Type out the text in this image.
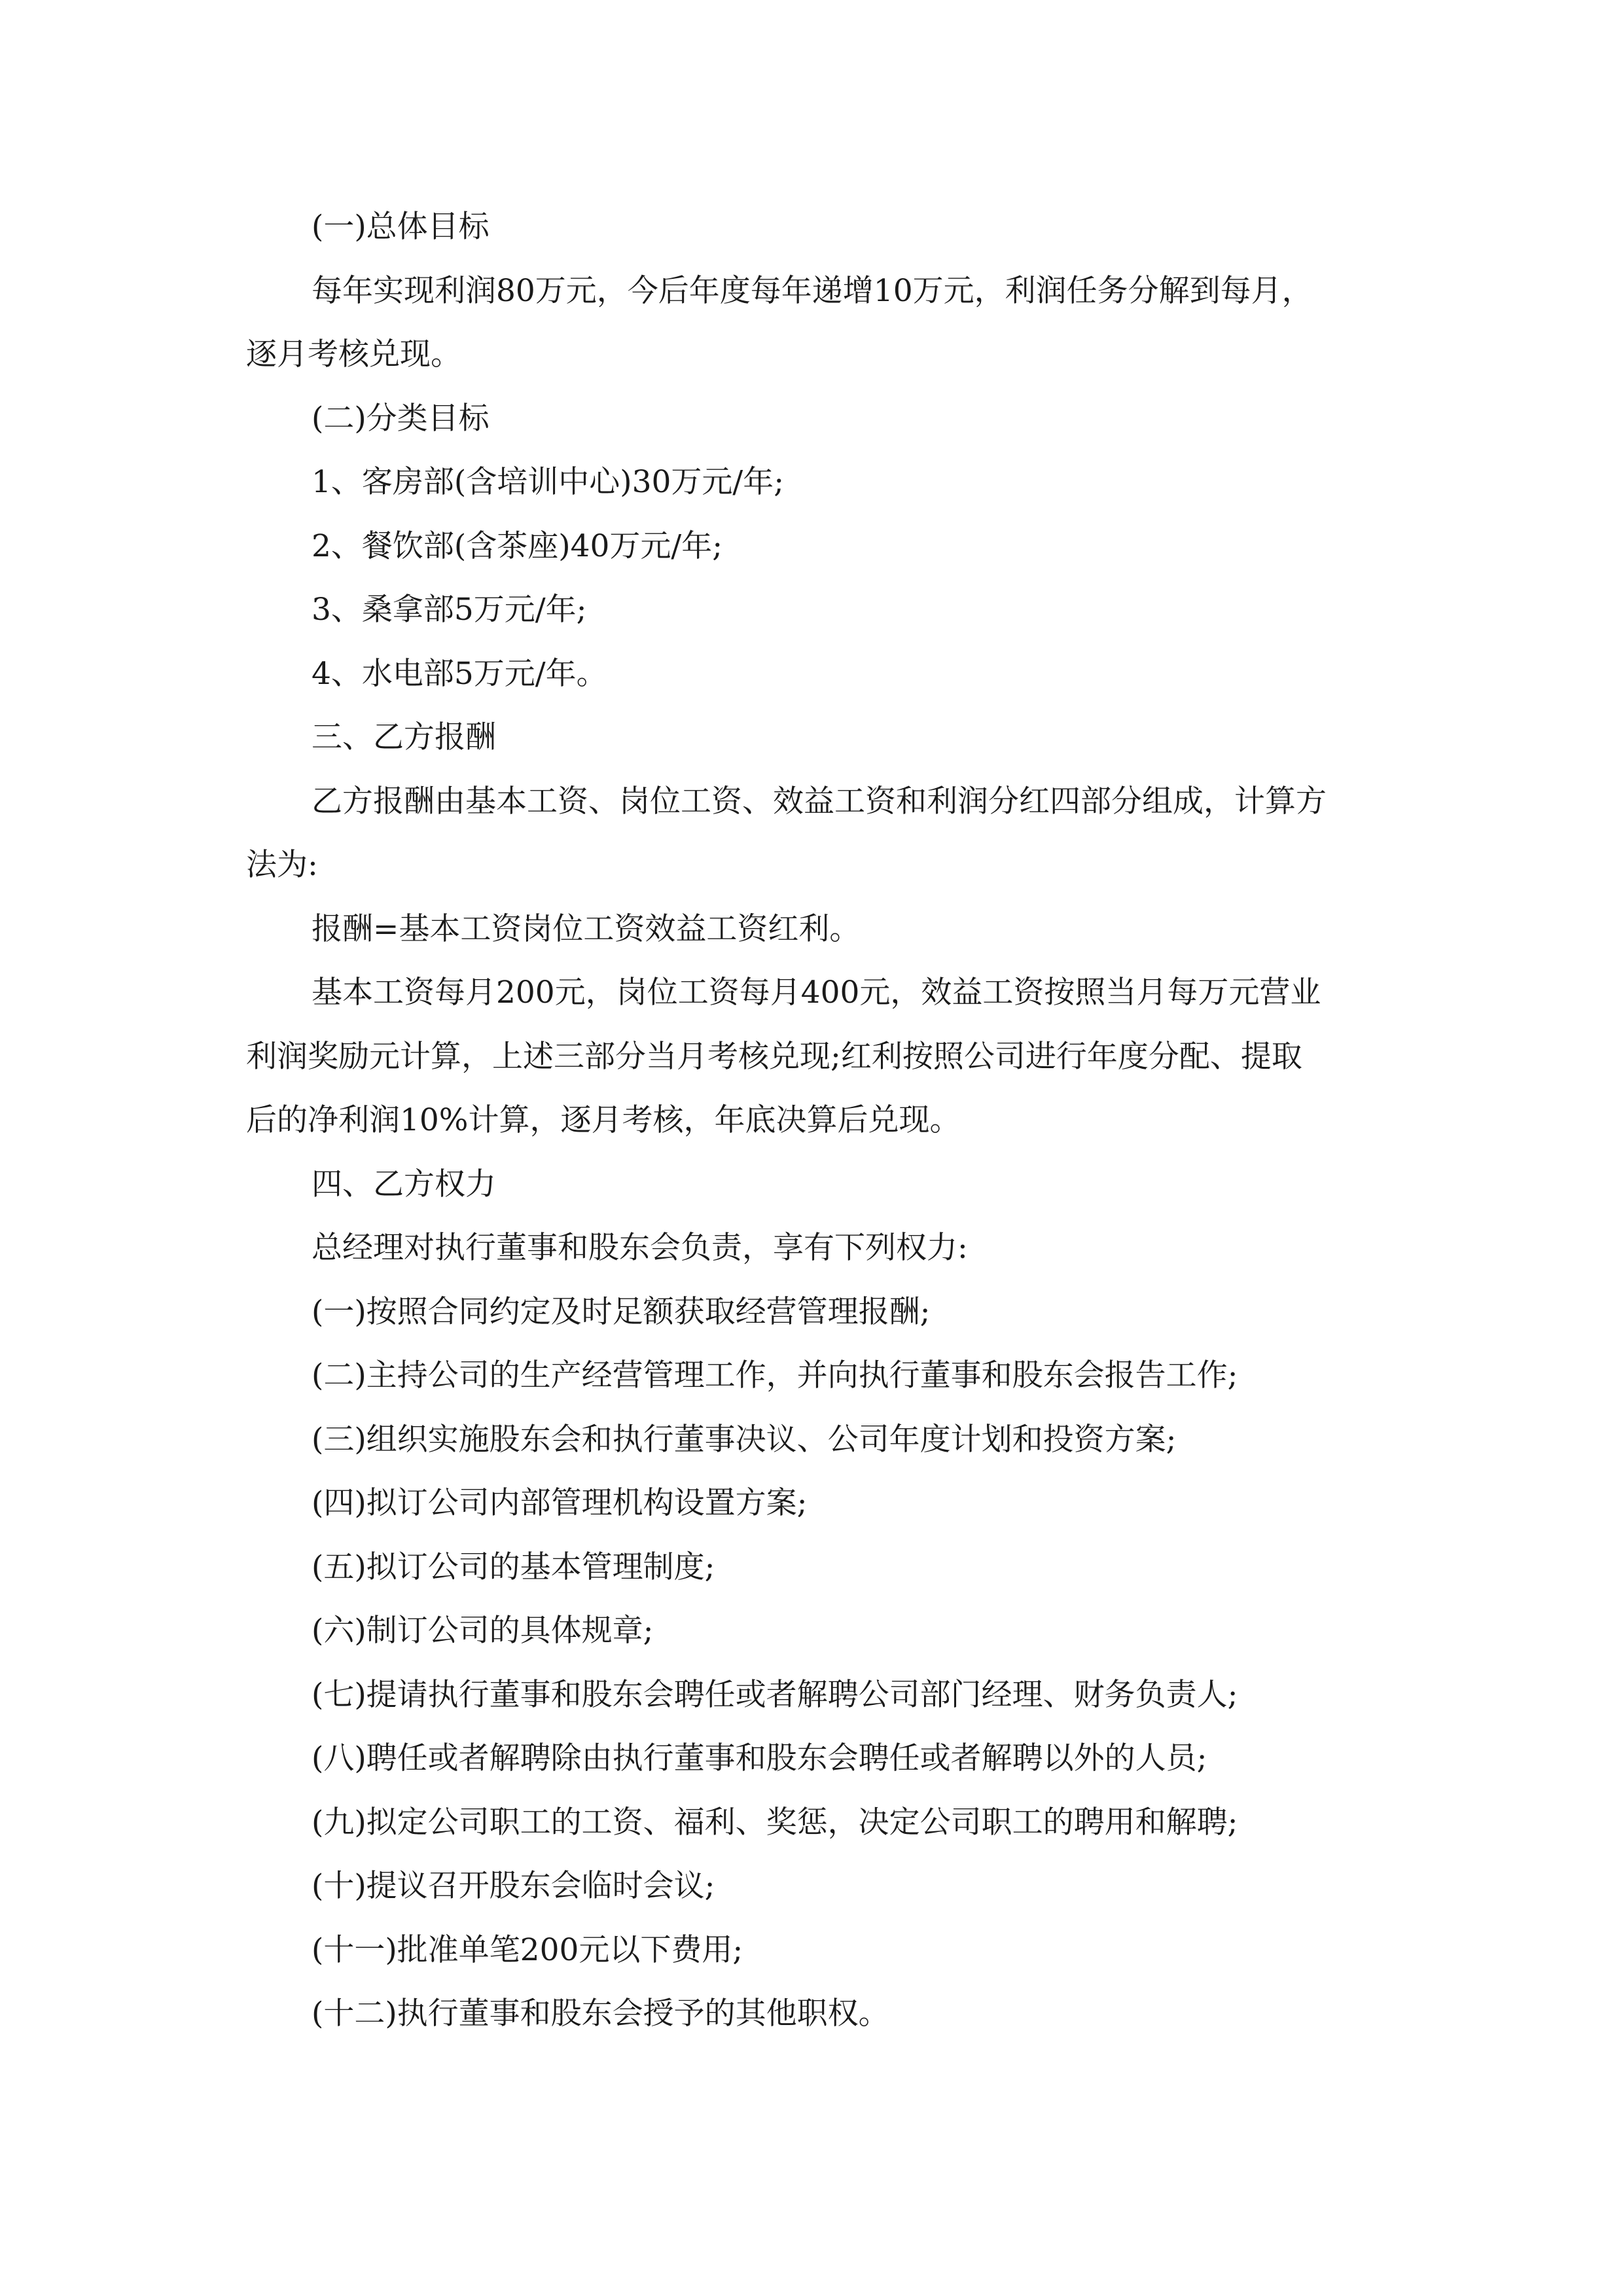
(一)总体目标
每年实现利润80万元，今后年度每年递增10万元，利润任务分解到每月，
逐月考核兑现。
(二)分类目标
1、客房部(含培训中心)30万元/年;
2、餐饮部(含茶座)40万元/年;
3、桑拿部5万元/年;
4、水电部5万元/年。
三、乙方报酬
乙方报酬由基本工资、岗位工资、效益工资和利润分红四部分组成，计算方
法为:
报酬=基本工资岗位工资效益工资红利。
基本工资每月200元，岗位工资每月400元，效益工资按照当月每万元营业
利润奖励元计算，上述三部分当月考核兑现;红利按照公司进行年度分配、提取
后的净利润10%计算，逐月考核，年底决算后兑现。
四、乙方权力
总经理对执行董事和股东会负责，享有下列权力:
(一)按照合同约定及时足额获取经营管理报酬;
(二)主持公司的生产经营管理工作，并向执行董事和股东会报告工作;
(三)组织实施股东会和执行董事决议、公司年度计划和投资方案;
(四)拟订公司内部管理机构设置方案;
(五)拟订公司的基本管理制度;
(六)制订公司的具体规章;
(七)提请执行董事和股东会聘任或者解聘公司部门经理、财务负责人;
(八)聘任或者解聘除由执行董事和股东会聘任或者解聘以外的人员;
(九)拟定公司职工的工资、福利、奖惩，决定公司职工的聘用和解聘;
(十)提议召开股东会临时会议;
(十一)批准单笔200元以下费用;
(十二)执行董事和股东会授予的其他职权。
